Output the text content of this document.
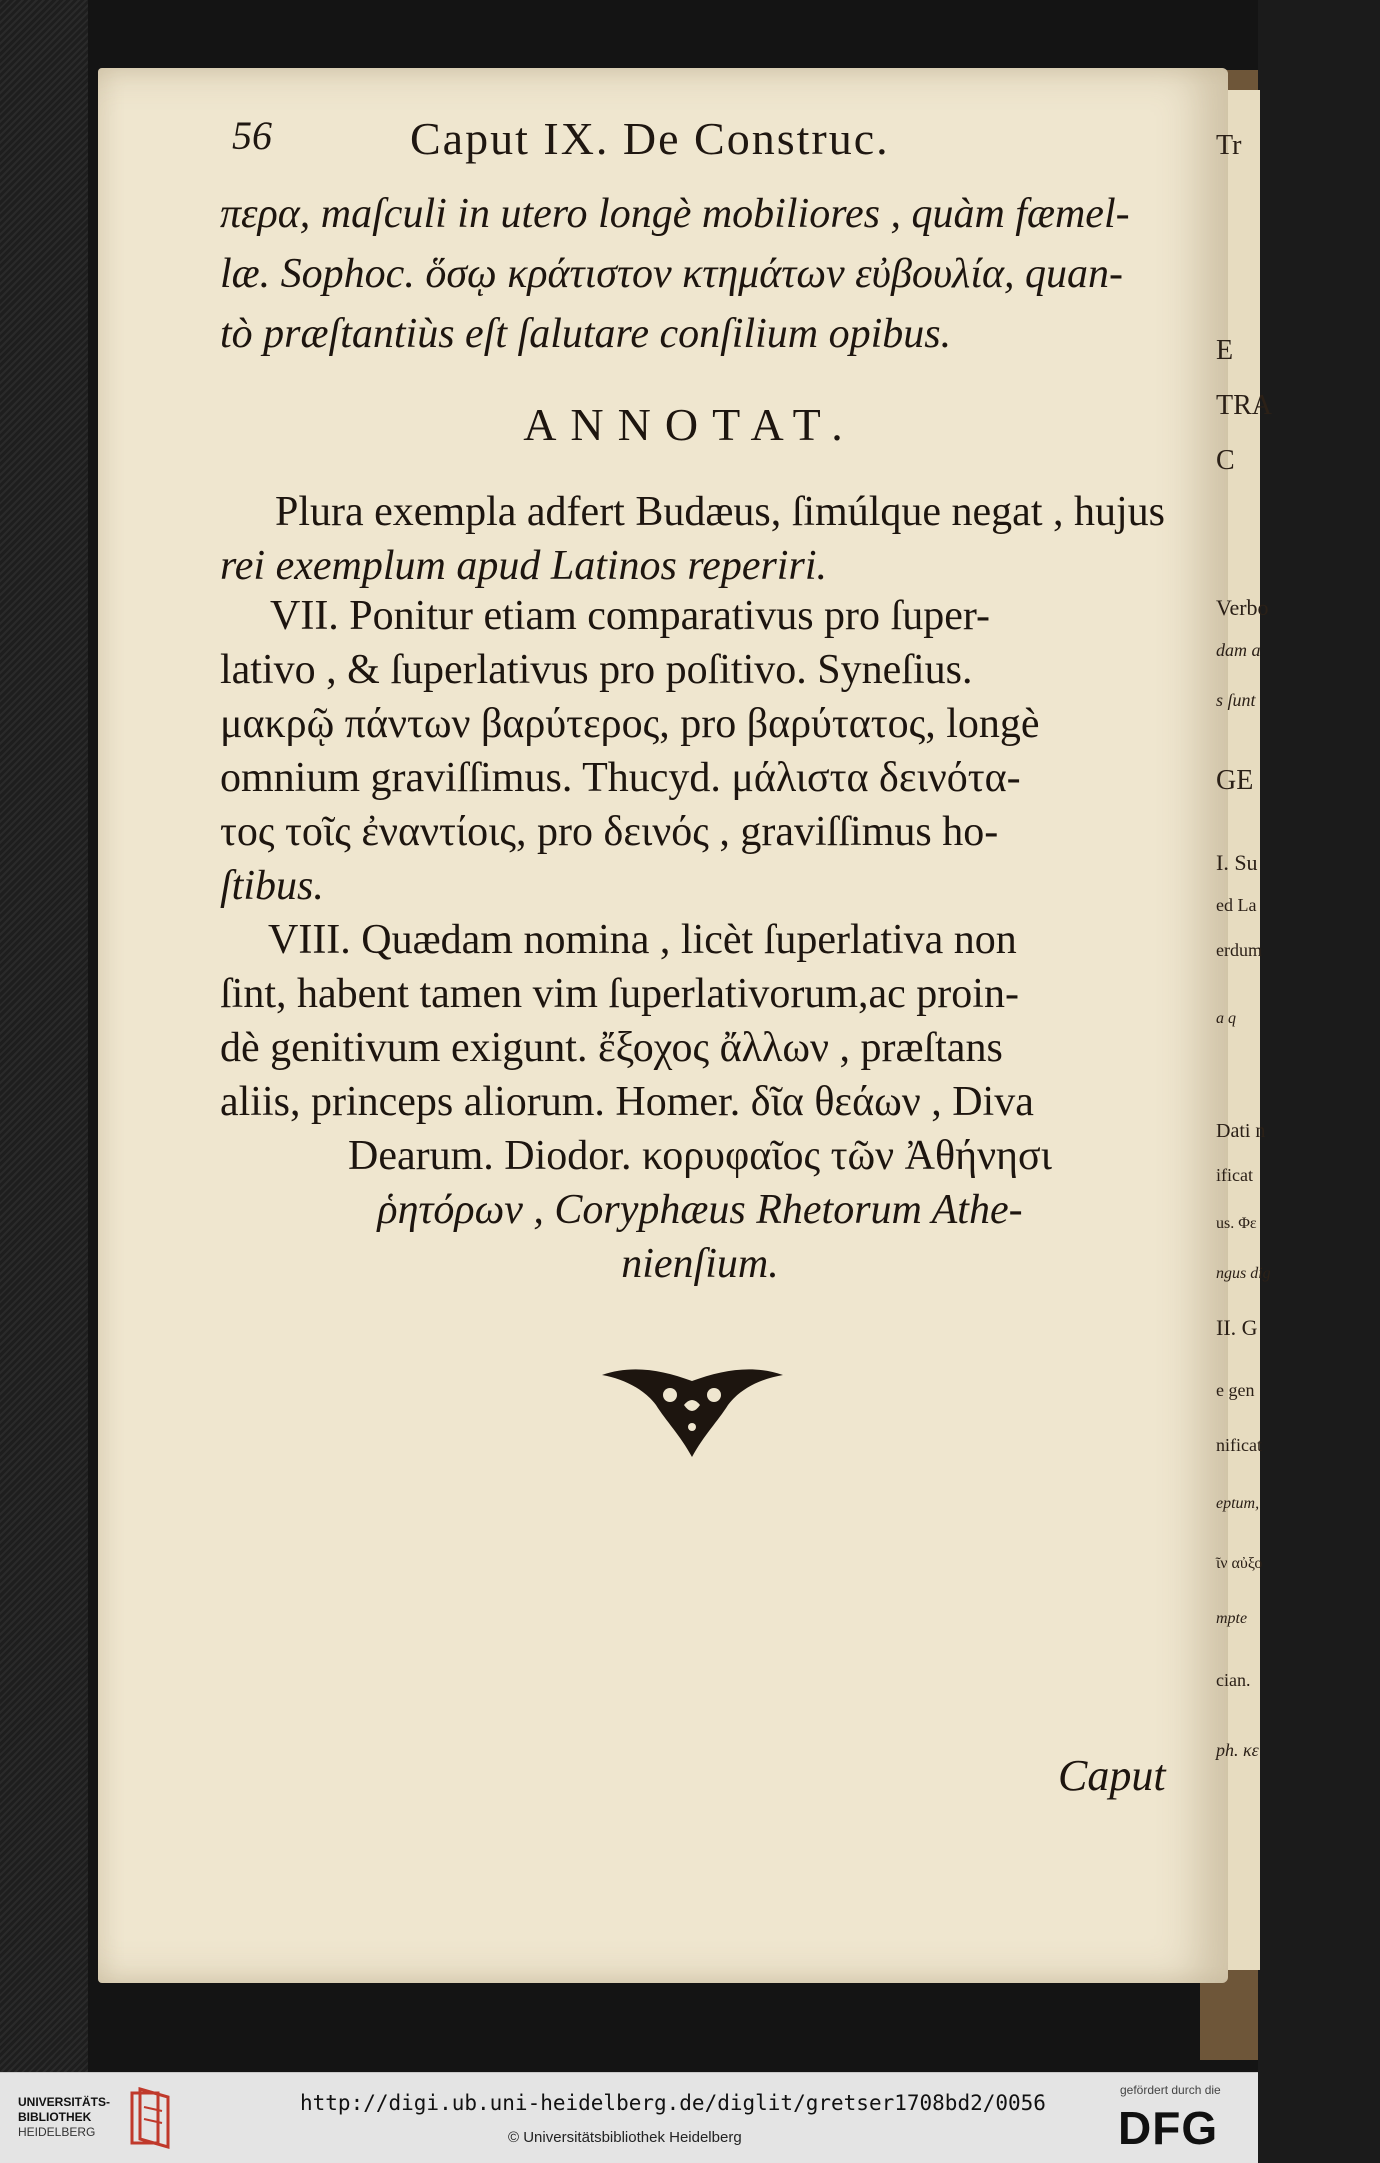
56	Caput IX. De Construc.
περα, maſculi in utero longè mobiliores , quàm fæmel-
læ. Sophoc. ὅσῳ κράτιστον κτημάτων εὐβουλία, quan-
tò præſtantiùs eſt ſalutare conſilium opibus.
ANNOTAT.
Plura exempla adfert Budæus, ſimúlque negat , hujus
rei exemplum apud Latinos reperiri.
VII. Ponitur etiam comparativus pro ſuper-
lativo , & ſuperlativus pro poſitivo. Syneſius.
μακρῷ πάντων βαρύτερος, pro βαρύτατος, longè
omnium graviſſimus. Thucyd. μάλιστα δεινότα-
τος τοῖς ἐναντίοις, pro δεινός , graviſſimus ho-
ſtibus.
VIII. Quædam nomina , licèt ſuperlativa non
ſint, habent tamen vim ſuperlativorum,ac proin-
dè genitivum exigunt. ἔξοχος ἄλλων , præſtans
aliis, princeps aliorum. Homer. δῖα θεάων , Diva
Dearum. Diodor. κορυφαῖος τῶν Ἀθήνησι
ῥητόρων , Coryphæus Rhetorum Athe-
nienſium.
Caput
Tr
E
TRA
C
Verbo
dam a
s ſunt
GE
I. Su
ed La
erdum
a q
Dati n
ificat
us. Φε
ngus dig
II. G
e gen
nificat
eptum,
ῖν αὐξο
mpte
cian.
ph. κε
UNIVERSITÄTS-
BIBLIOTHEK
HEIDELBERG
http://digi.ub.uni-heidelberg.de/diglit/gretser1708bd2/0056
© Universitätsbibliothek Heidelberg
gefördert durch die
DFG
